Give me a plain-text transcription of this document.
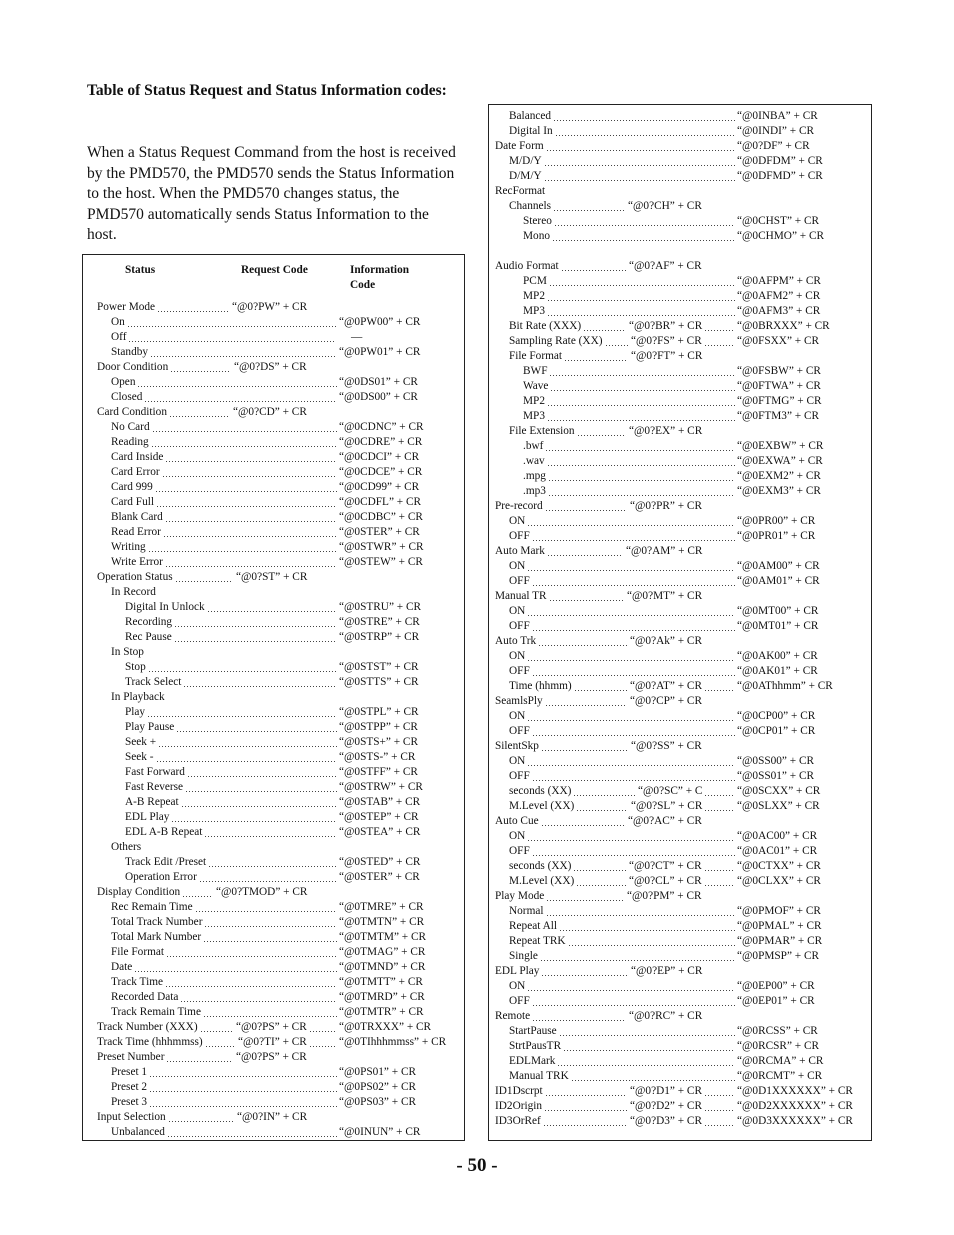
Table of Status Request and Status Information codes:
When a Status Request Command from the host is received by the PMD570, the PMD570 sends the Status Information to the host. When the PMD570 changes status, the PMD570 automatically sends Status Information to the host.
Status	Request Code	Information Code
Power Mode	“@0?PW” + CR
On	“@0PW00” + CR
Off	—
Standby	“@0PW01” + CR
Door Condition	“@0?DS” + CR
Open	“@0DS01” + CR
Closed	“@0DS00” + CR
Card Condition	“@0?CD” + CR
No Card	“@0CDNC” + CR
Reading	“@0CDRE” + CR
Card Inside	“@0CDCI” + CR
Card Error	“@0CDCE” + CR
Card 999	“@0CD99” + CR
Card Full	“@0CDFL” + CR
Blank Card	“@0CDBC” + CR
Read Error	“@0STER” + CR
Writing	“@0STWR” + CR
Write Error	“@0STEW” + CR
Operation Status	“@0?ST” + CR
In Record
Digital In Unlock	“@0STRU” + CR
Recording	“@0STRE” + CR
Rec Pause	“@0STRP” + CR
In Stop
Stop	“@0STST” + CR
Track Select	“@0STTS” + CR
In Playback
Play	“@0STPL” + CR
Play Pause	“@0STPP” + CR
Seek +	“@0STS+” + CR
Seek -	“@0STS-” + CR
Fast Forward	“@0STFF” + CR
Fast Reverse	“@0STRW” + CR
A-B Repeat	“@0STAB” + CR
EDL Play	“@0STEP” + CR
EDL A-B Repeat	“@0STEA” + CR
Others
Track Edit /Preset	“@0STED” + CR
Operation Error	“@0STER” + CR
Display Condition	“@0?TMOD” + CR
Rec Remain Time	“@0TMRE” + CR
Total Track Number	“@0TMTN” + CR
Total Mark Number	“@0TMTM” + CR
File Format	“@0TMAG” + CR
Date	“@0TMND” + CR
Track Time	“@0TMTT” + CR
Recorded Data	“@0TMRD” + CR
Track Remain Time	“@0TMTR” + CR
Track Number (XXX)	“@0?PS” + CR	“@0TRXXX” + CR
Track Time (hhhmmss)	“@0?TI” + CR	“@0TIhhhmmss” + CR
Preset Number	“@0?PS” + CR
Preset 1	“@0PS01” + CR
Preset 2	“@0PS02” + CR
Preset 3	“@0PS03” + CR
Input Selection	“@0?IN” + CR
Unbalanced	“@0INUN” + CR
Balanced	“@0INBA” + CR
Digital In	“@0INDI” + CR
Date Form	“@0?DF” + CR
M/D/Y	“@0DFDM” + CR
D/M/Y	“@0DFMD” + CR
RecFormat
Channels	“@0?CH” + CR
Stereo	“@0CHST” + CR
Mono	“@0CHMO” + CR
Audio Format	“@0?AF” + CR
PCM	“@0AFPM” + CR
MP2	“@0AFM2” + CR
MP3	“@0AFM3” + CR
Bit Rate (XXX)	“@0?BR” + CR	“@0BRXXX” + CR
Sampling Rate (XX)	“@0?FS” + CR	“@0FSXX” + CR
File Format	“@0?FT” + CR
BWF	“@0FSBW” + CR
Wave	“@0FTWA” + CR
MP2	“@0FTMG” + CR
MP3	“@0FTM3” + CR
File Extension	“@0?EX” + CR
.bwf	“@0EXBW” + CR
.wav	“@0EXWA” + CR
.mpg	“@0EXM2” + CR
.mp3	“@0EXM3” + CR
Pre-record	“@0?PR” + CR
ON	“@0PR00” + CR
OFF	“@0PR01” + CR
Auto Mark	“@0?AM” + CR
ON	“@0AM00” + CR
OFF	“@0AM01” + CR
Manual TR	“@0?MT” + CR
ON	“@0MT00” + CR
OFF	“@0MT01” + CR
Auto Trk	“@0?Ak” + CR
ON	“@0AK00” + CR
OFF	“@0AK01” + CR
Time (hhmm)	“@0?AT” + CR	“@0AThhmm” + CR
SeamlsPly	“@0?CP” + CR
ON	“@0CP00” + CR
OFF	“@0CP01” + CR
SilentSkp	“@0?SS” + CR
ON	“@0SS00” + CR
OFF	“@0SS01” + CR
seconds (XX)	“@0?SC” + C	“@0SCXX” + CR
M.Level (XX)	“@0?SL” + CR	“@0SLXX” + CR
Auto Cue	“@0?AC” + CR
ON	“@0AC00” + CR
OFF	“@0AC01” + CR
seconds (XX)	“@0?CT” + CR	“@0CTXX” + CR
M.Level (XX)	“@0?CL” + CR	“@0CLXX” + CR
Play Mode	“@0?PM” + CR
Normal	“@0PMOF” + CR
Repeat All	“@0PMAL” + CR
Repeat TRK	“@0PMAR” + CR
Single	“@0PMSP” + CR
EDL Play	“@0?EP” + CR
ON	“@0EP00” + CR
OFF	“@0EP01” + CR
Remote	“@0?RC” + CR
StartPause	“@0RCSS” + CR
StrtPausTR	“@0RCSR” + CR
EDLMark	“@0RCMA” + CR
Manual TRK	“@0RCMT” + CR
ID1Dscrpt	“@0?D1” + CR	“@0D1XXXXXX” + CR
ID2Origin	“@0?D2” + CR	“@0D2XXXXXX” + CR
ID3OrRef	“@0?D3” + CR	“@0D3XXXXXX” + CR
- 50 -
